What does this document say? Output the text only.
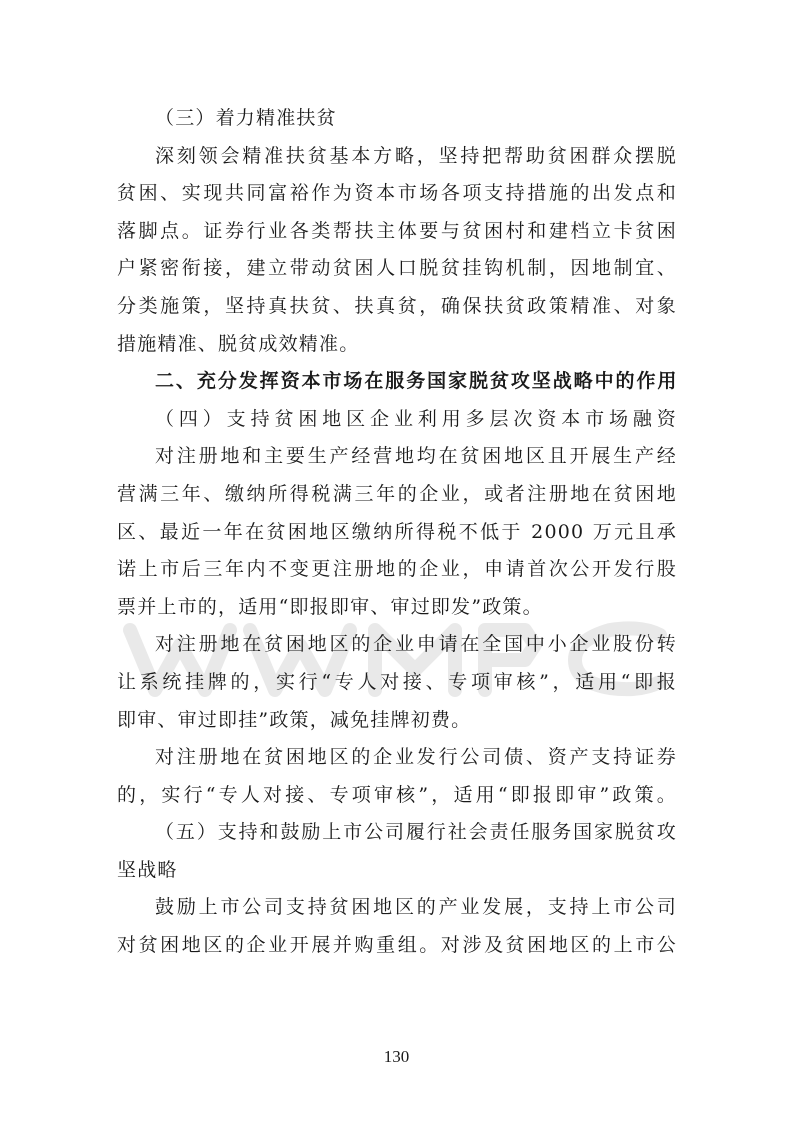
（三）着力精准扶贫
深刻领会精准扶贫基本方略，坚持把帮助贫困群众摆脱
贫困、实现共同富裕作为资本市场各项支持措施的出发点和
落脚点。证券行业各类帮扶主体要与贫困村和建档立卡贫困
户紧密衔接，建立带动贫困人口脱贫挂钩机制，因地制宜、
分类施策，坚持真扶贫、扶真贫，确保扶贫政策精准、对象
措施精准、脱贫成效精准。
二、充分发挥资本市场在服务国家脱贫攻坚战略中的作用
（四）支持贫困地区企业利用多层次资本市场融资
对注册地和主要生产经营地均在贫困地区且开展生产经
营满三年、缴纳所得税满三年的企业，或者注册地在贫困地
区、最近一年在贫困地区缴纳所得税不低于 2000 万元且承
诺上市后三年内不变更注册地的企业，申请首次公开发行股
票并上市的，适用“即报即审、审过即发”政策。
对注册地在贫困地区的企业申请在全国中小企业股份转
让系统挂牌的，实行“专人对接、专项审核”，适用“即报
即审、审过即挂”政策，减免挂牌初费。
对注册地在贫困地区的企业发行公司债、资产支持证券
的，实行“专人对接、专项审核”，适用“即报即审”政策。
（五）支持和鼓励上市公司履行社会责任服务国家脱贫攻
坚战略
鼓励上市公司支持贫困地区的产业发展，支持上市公司
对贫困地区的企业开展并购重组。对涉及贫困地区的上市公
130
